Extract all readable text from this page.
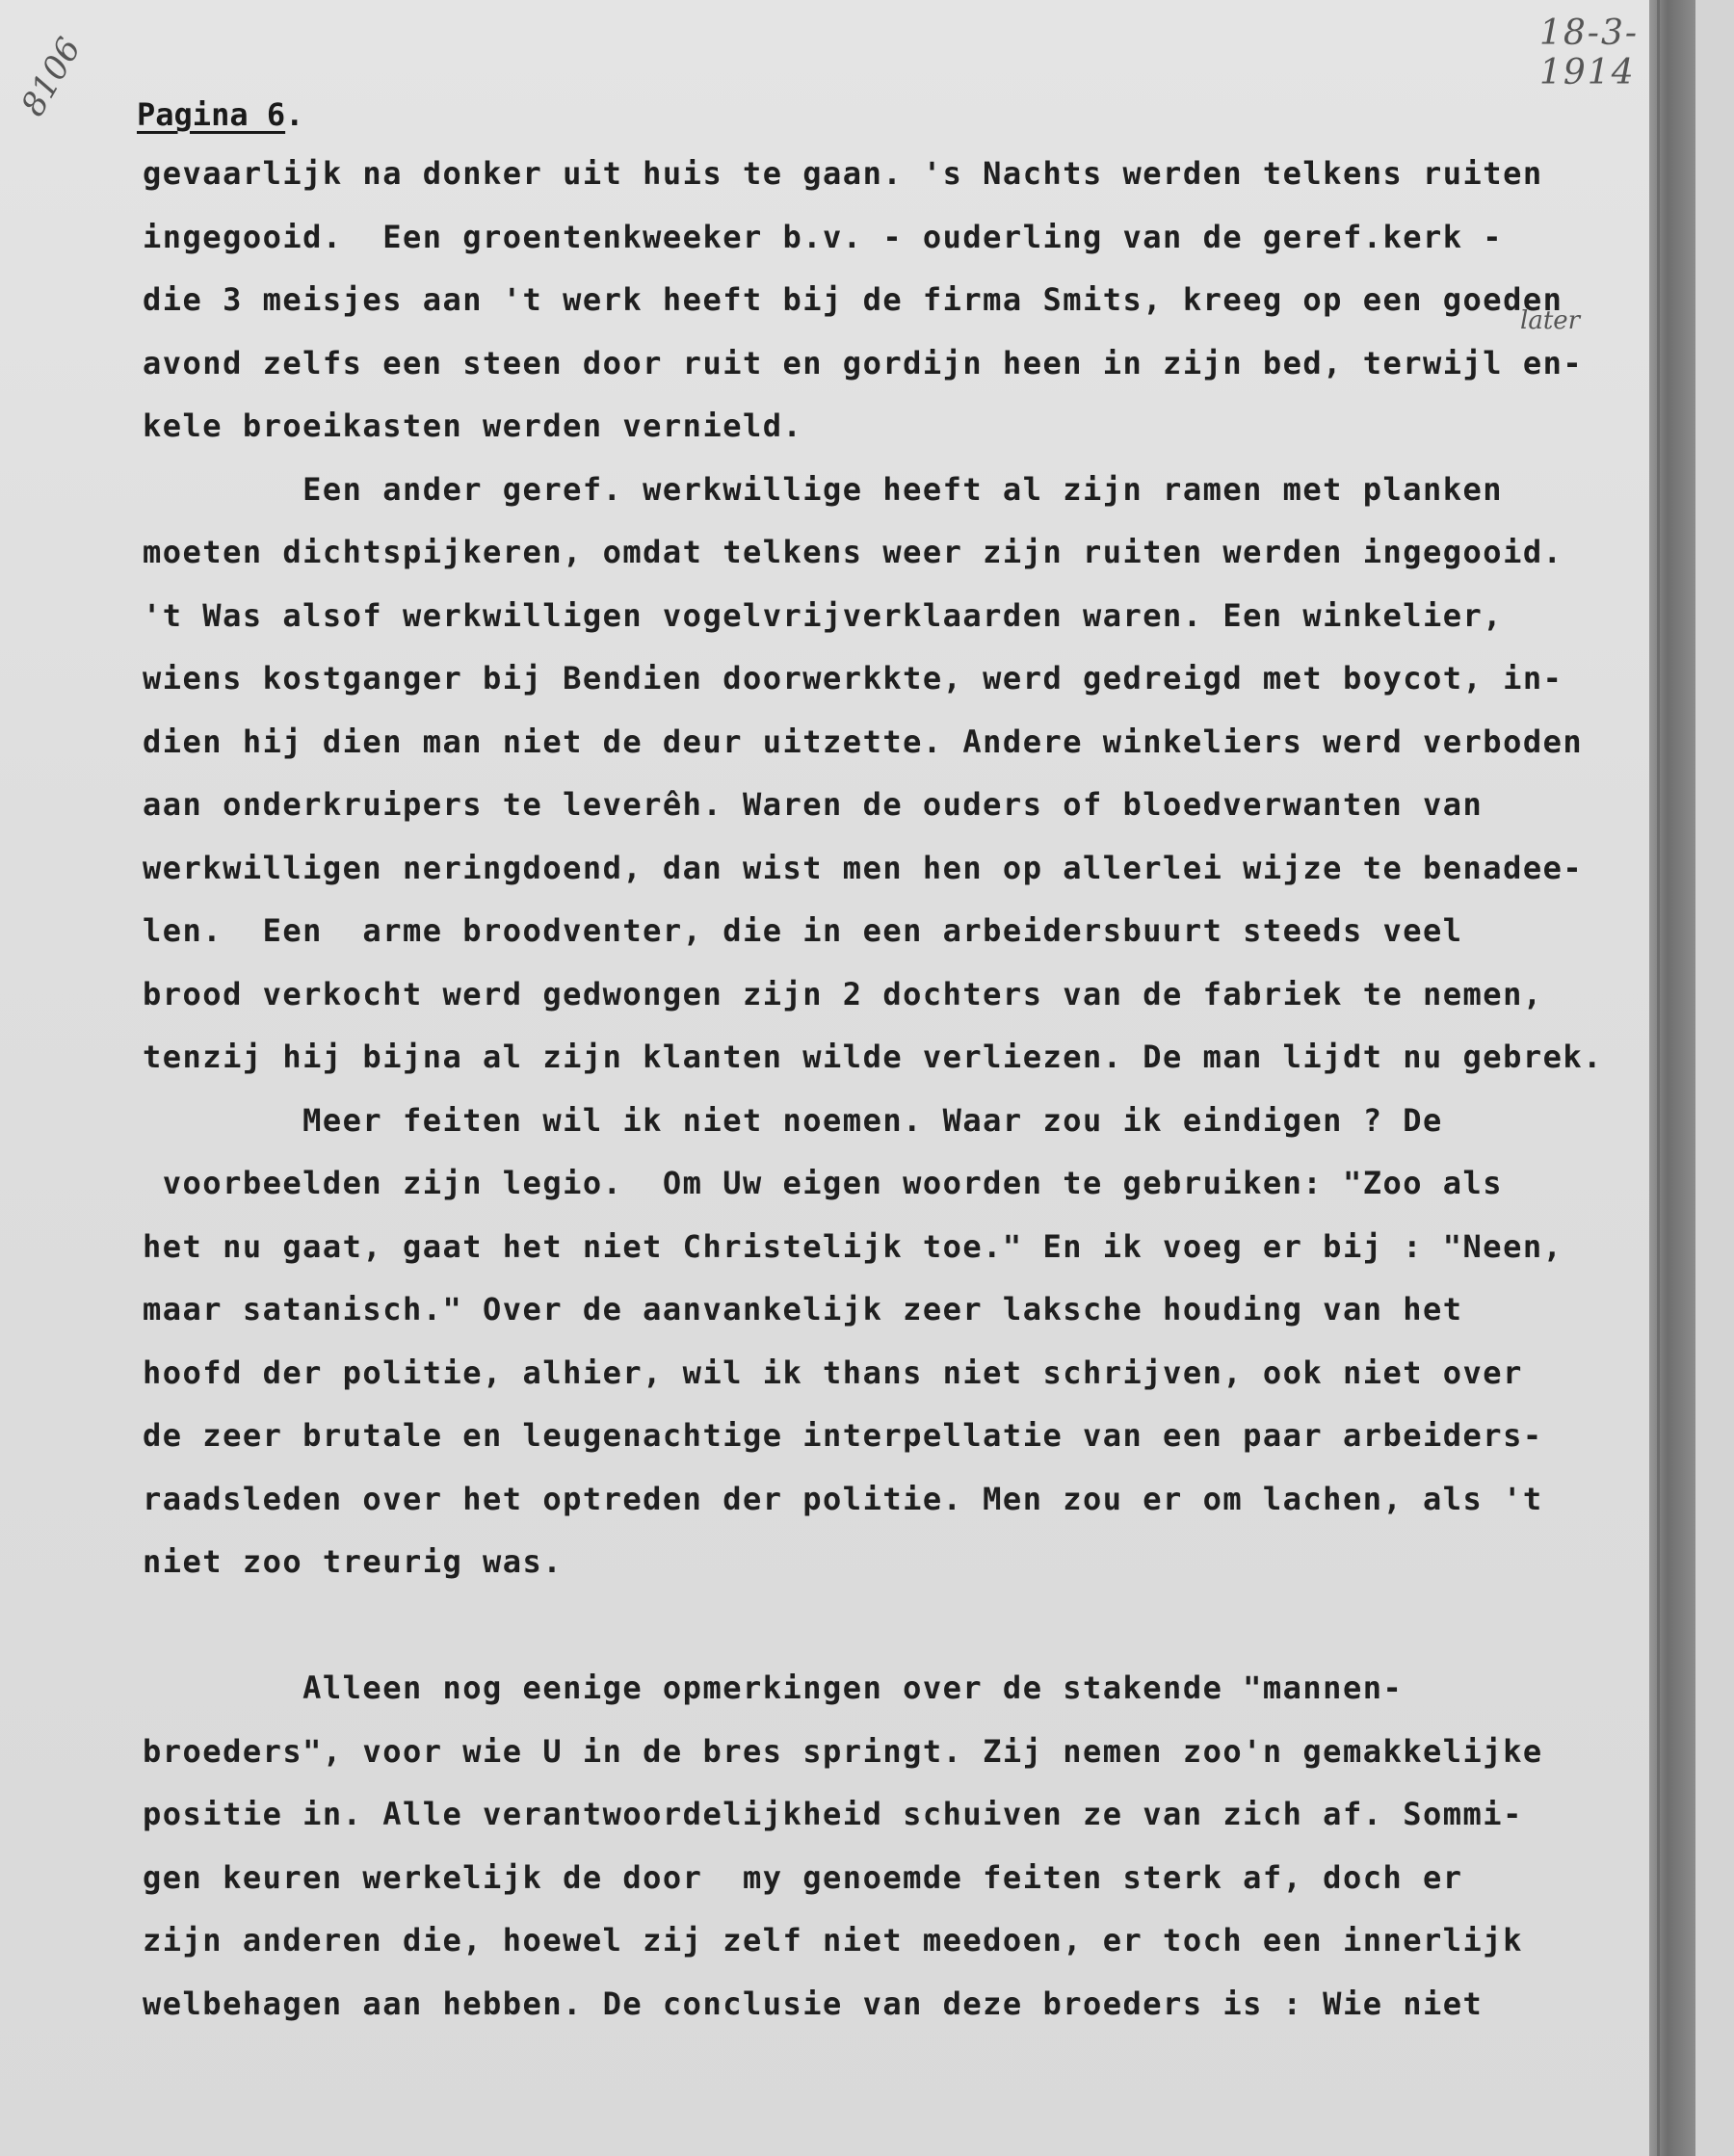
8106	18-3-1914
Pagina 6.
later
gevaarlijk na donker uit huis te gaan. 's Nachts werden telkens ruiten
ingegooid.  Een groentenkweeker b.v. - ouderling van de geref.kerk -
die 3 meisjes aan 't werk heeft bij de firma Smits, kreeg op een goeden
avond zelfs een steen door ruit en gordijn heen in zijn bed, terwijl en-
kele broeikasten werden vernield.
Een ander geref. werkwillige heeft al zijn ramen met planken
moeten dichtspijkeren, omdat telkens weer zijn ruiten werden ingegooid.
't Was alsof werkwilligen vogelvrijverklaarden waren. Een winkelier,
wiens kostganger bij Bendien doorwerkkte, werd gedreigd met boycot, in-
dien hij dien man niet de deur uitzette. Andere winkeliers werd verboden
aan onderkruipers te leverêh. Waren de ouders of bloedverwanten van
werkwilligen neringdoend, dan wist men hen op allerlei wijze te benadee-
len.  Een  arme broodventer, die in een arbeidersbuurt steeds veel
brood verkocht werd gedwongen zijn 2 dochters van de fabriek te nemen,
tenzij hij bijna al zijn klanten wilde verliezen. De man lijdt nu gebrek.
Meer feiten wil ik niet noemen. Waar zou ik eindigen ? De
voorbeelden zijn legio.  Om Uw eigen woorden te gebruiken: "Zoo als
het nu gaat, gaat het niet Christelijk toe." En ik voeg er bij : "Neen,
maar satanisch." Over de aanvankelijk zeer laksche houding van het
hoofd der politie, alhier, wil ik thans niet schrijven, ook niet over
de zeer brutale en leugenachtige interpellatie van een paar arbeiders-
raadsleden over het optreden der politie. Men zou er om lachen, als 't
niet zoo treurig was.
Alleen nog eenige opmerkingen over de stakende "mannen-
broeders", voor wie U in de bres springt. Zij nemen zoo'n gemakkelijke
positie in. Alle verantwoordelijkheid schuiven ze van zich af. Sommi-
gen keuren werkelijk de door  my genoemde feiten sterk af, doch er
zijn anderen die, hoewel zij zelf niet meedoen, er toch een innerlijk
welbehagen aan hebben. De conclusie van deze broeders is : Wie niet
